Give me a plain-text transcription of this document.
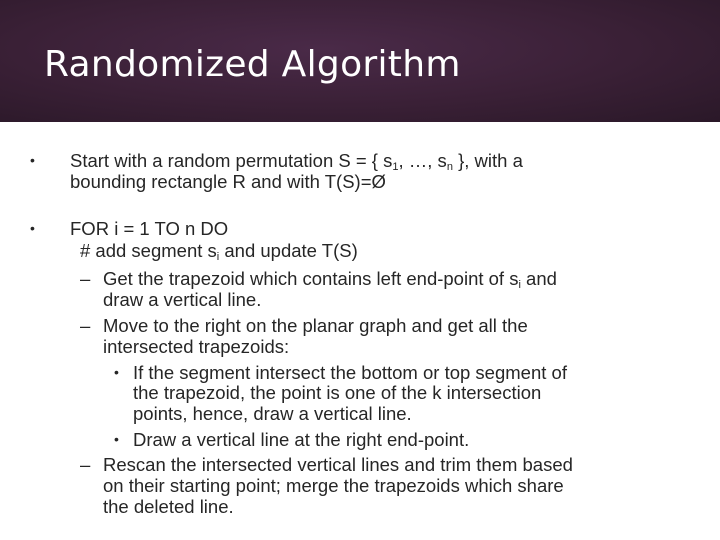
Randomized Algorithm
• Start with a random permutation S = { $s_1$, …, $s_n$ }, with a
bounding rectangle R and with T(S)=Ø
• FOR i = 1 TO n DO
# add segment $s_i$ and update T(S)
– Get the trapezoid which contains left end-point of $s_i$ and
draw a vertical line.
– Move to the right on the planar graph and get all the
intersected trapezoids:
• If the segment intersect the bottom or top segment of
the trapezoid, the point is one of the k intersection
points, hence, draw a vertical line.
• Draw a vertical line at the right end-point.
– Rescan the intersected vertical lines and trim them based
on their starting point; merge the trapezoids which share
the deleted line.
